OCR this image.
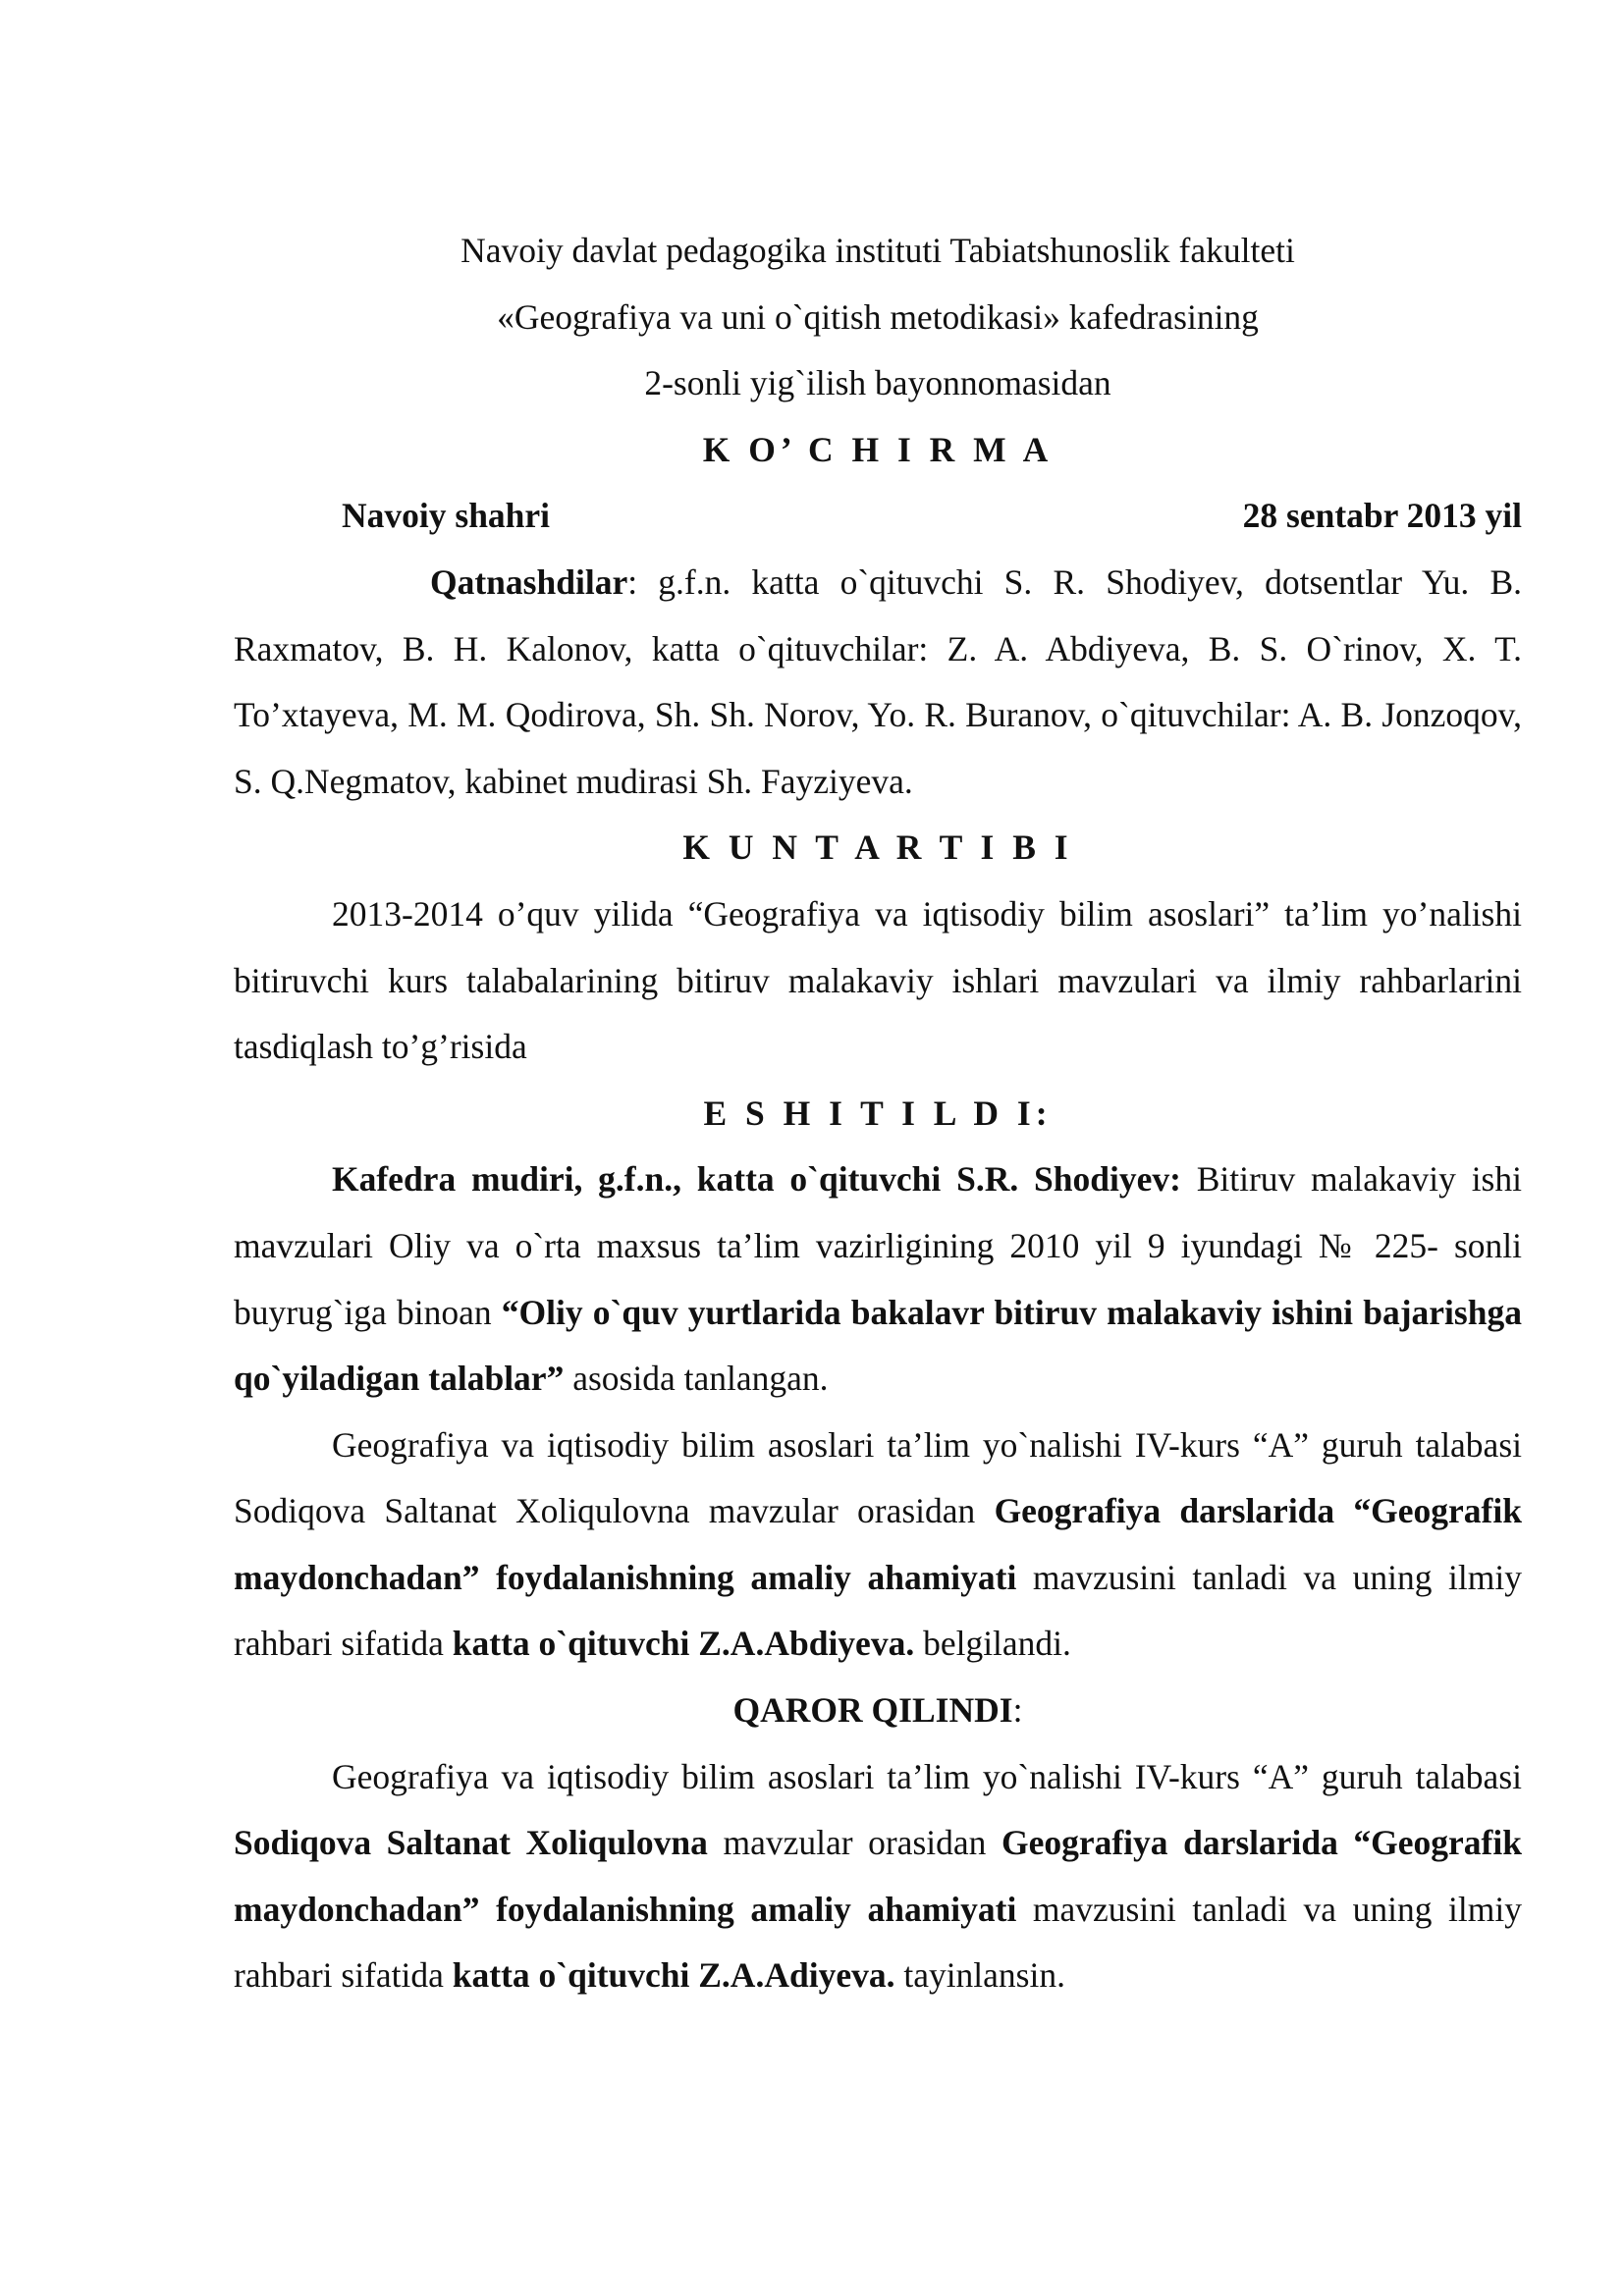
Navoiy davlat pedagogika instituti Tabiatshunoslik fakulteti

«Geografiya va uni o`qitish metodikasi» kafedrasining

2-sonli yig`ilish bayonnomasidan

K O’ C H I R M A

Navoiy shahri	28 sentabr 2013 yil

Qatnashdilar: g.f.n. katta o`qituvchi S. R. Shodiyev, dotsentlar Yu. B. Raxmatov, B. H. Kalonov, katta o`qituvchilar: Z. A. Abdiyeva, B. S. O`rinov, X. T. To’xtayeva, M. M. Qodirova, Sh. Sh. Norov, Yo. R. Buranov, o`qituvchilar: A. B. Jonzoqov, S. Q.Negmatov, kabinet mudirasi Sh. Fayziyeva.

K U N T A R T I B I

2013-2014 o’quv yilida “Geografiya va iqtisodiy bilim asoslari” ta’lim yo’nalishi bitiruvchi kurs talabalarining bitiruv malakaviy ishlari mavzulari va ilmiy rahbarlarini tasdiqlash to’g’risida

E S H I T I L D I:

Kafedra mudiri, g.f.n., katta o`qituvchi S.R. Shodiyev: Bitiruv malakaviy ishi mavzulari Oliy va o`rta maxsus ta’lim vazirligining 2010 yil 9 iyundagi № 225- sonli buyrug`iga binoan “Oliy o`quv yurtlarida bakalavr bitiruv malakaviy ishini bajarishga qo`yiladigan talablar” asosida tanlangan.

Geografiya va iqtisodiy bilim asoslari ta’lim yo`nalishi IV-kurs “A” guruh talabasi Sodiqova Saltanat Xoliqulovna mavzular orasidan Geografiya darslarida “Geografik maydonchadan” foydalanishning amaliy ahamiyati mavzusini tanladi va uning ilmiy rahbari sifatida katta o`qituvchi Z.A.Abdiyeva. belgilandi.

QAROR QILINDI:

Geografiya va iqtisodiy bilim asoslari ta’lim yo`nalishi IV-kurs “A” guruh talabasi Sodiqova Saltanat Xoliqulovna mavzular orasidan Geografiya darslarida “Geografik maydonchadan” foydalanishning amaliy ahamiyati mavzusini tanladi va uning ilmiy rahbari sifatida katta o`qituvchi Z.A.Adiyeva. tayinlansin.
